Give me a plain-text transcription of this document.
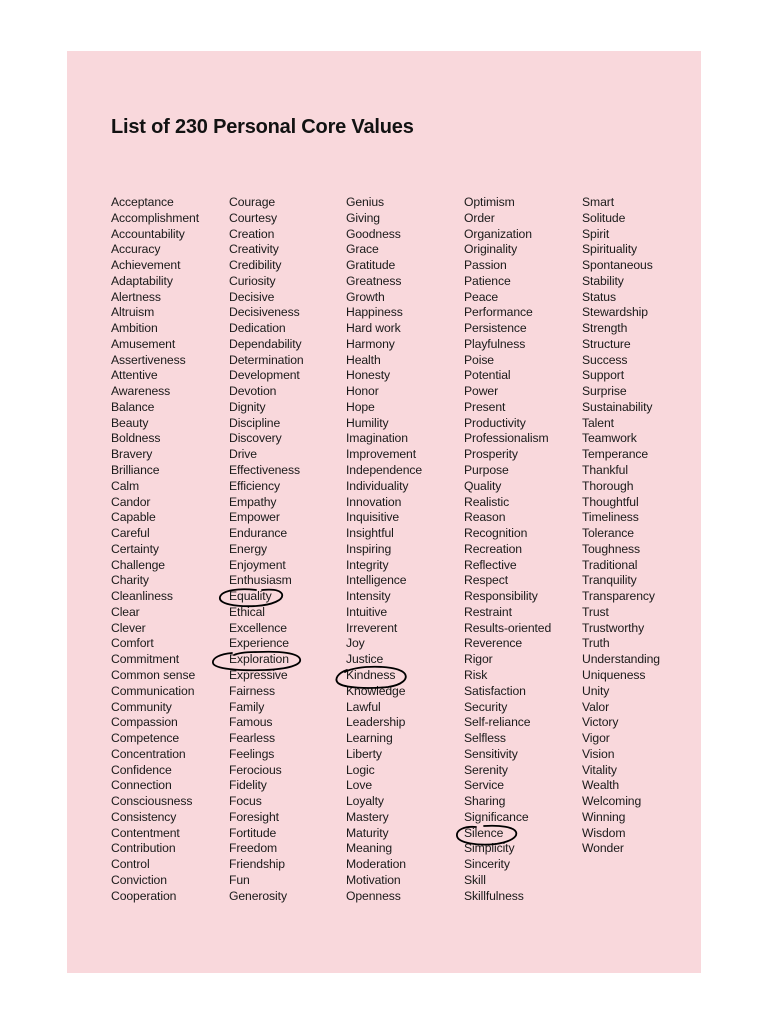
List of 230 Personal Core Values
Acceptance
Accomplishment
Accountability
Accuracy
Achievement
Adaptability
Alertness
Altruism
Ambition
Amusement
Assertiveness
Attentive
Awareness
Balance
Beauty
Boldness
Bravery
Brilliance
Calm
Candor
Capable
Careful
Certainty
Challenge
Charity
Cleanliness
Clear
Clever
Comfort
Commitment
Common sense
Communication
Community
Compassion
Competence
Concentration
Confidence
Connection
Consciousness
Consistency
Contentment
Contribution
Control
Conviction
Cooperation
Courage
Courtesy
Creation
Creativity
Credibility
Curiosity
Decisive
Decisiveness
Dedication
Dependability
Determination
Development
Devotion
Dignity
Discipline
Discovery
Drive
Effectiveness
Efficiency
Empathy
Empower
Endurance
Energy
Enjoyment
Enthusiasm
Equality
Ethical
Excellence
Experience
Exploration
Expressive
Fairness
Family
Famous
Fearless
Feelings
Ferocious
Fidelity
Focus
Foresight
Fortitude
Freedom
Friendship
Fun
Generosity
Genius
Giving
Goodness
Grace
Gratitude
Greatness
Growth
Happiness
Hard work
Harmony
Health
Honesty
Honor
Hope
Humility
Imagination
Improvement
Independence
Individuality
Innovation
Inquisitive
Insightful
Inspiring
Integrity
Intelligence
Intensity
Intuitive
Irreverent
Joy
Justice
Kindness
Knowledge
Lawful
Leadership
Learning
Liberty
Logic
Love
Loyalty
Mastery
Maturity
Meaning
Moderation
Motivation
Openness
Optimism
Order
Organization
Originality
Passion
Patience
Peace
Performance
Persistence
Playfulness
Poise
Potential
Power
Present
Productivity
Professionalism
Prosperity
Purpose
Quality
Realistic
Reason
Recognition
Recreation
Reflective
Respect
Responsibility
Restraint
Results-oriented
Reverence
Rigor
Risk
Satisfaction
Security
Self-reliance
Selfless
Sensitivity
Serenity
Service
Sharing
Significance
Silence
Simplicity
Sincerity
Skill
Skillfulness
Smart
Solitude
Spirit
Spirituality
Spontaneous
Stability
Status
Stewardship
Strength
Structure
Success
Support
Surprise
Sustainability
Talent
Teamwork
Temperance
Thankful
Thorough
Thoughtful
Timeliness
Tolerance
Toughness
Traditional
Tranquility
Transparency
Trust
Trustworthy
Truth
Understanding
Uniqueness
Unity
Valor
Victory
Vigor
Vision
Vitality
Wealth
Welcoming
Winning
Wisdom
Wonder
